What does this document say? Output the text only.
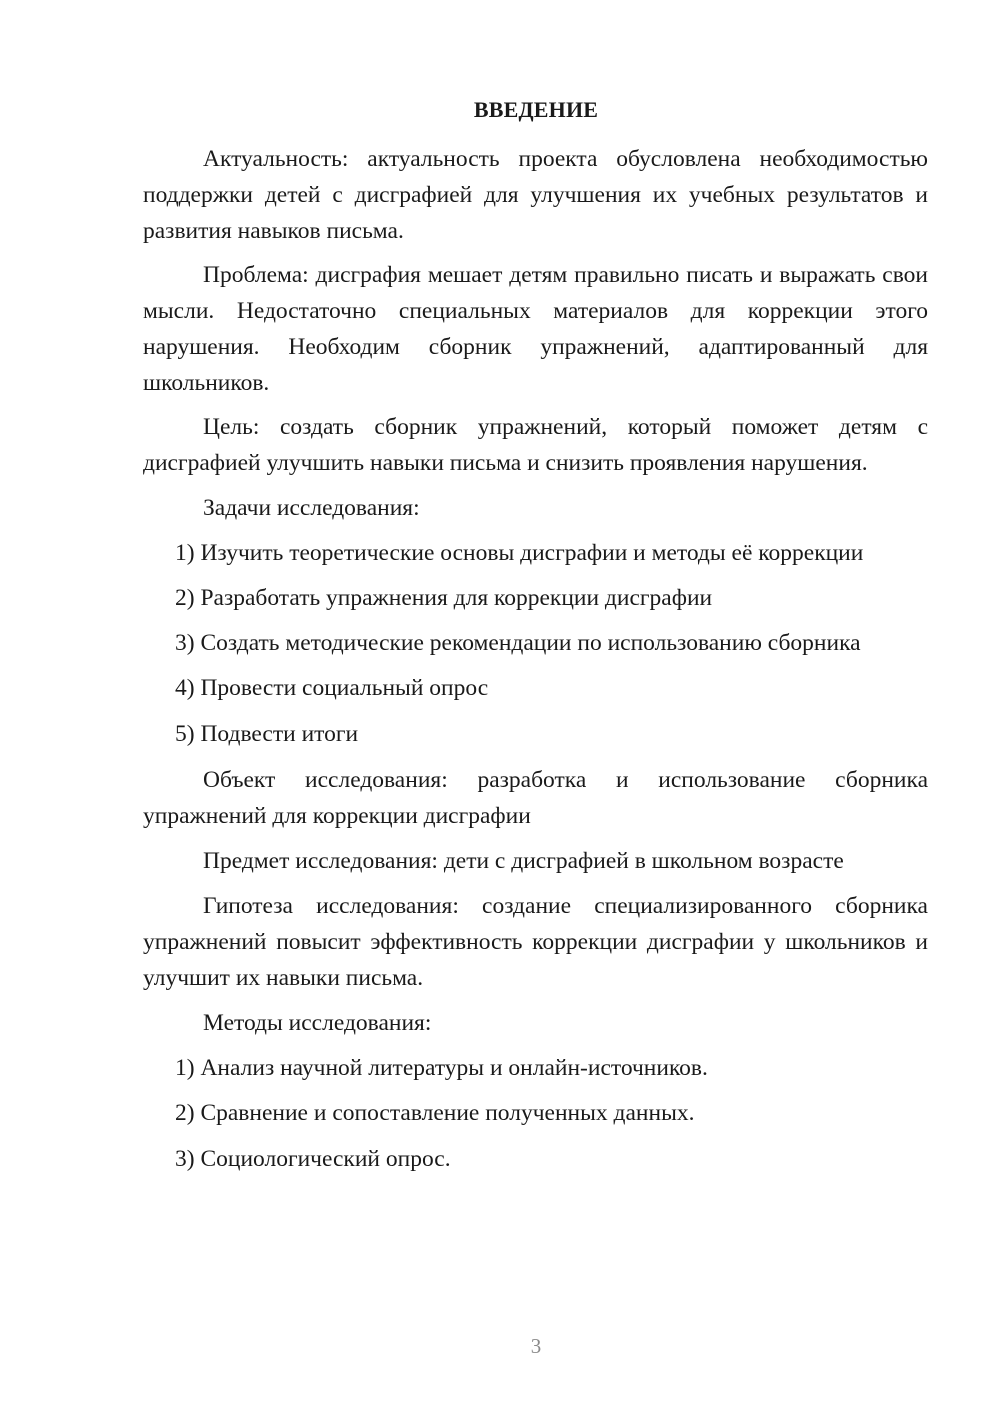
ВВЕДЕНИЕ

Актуальность: актуальность проекта обусловлена необходимостью поддержки детей с дисграфией для улучшения их учебных результатов и развития навыков письма.

Проблема: дисграфия мешает детям правильно писать и выражать свои мысли. Недостаточно специальных материалов для коррекции этого нарушения. Необходим сборник упражнений, адаптированный для школьников.

Цель: создать сборник упражнений, который поможет детям с дисграфией улучшить навыки письма и снизить проявления нарушения.

Задачи исследования:
1) Изучить теоретические основы дисграфии и методы её коррекции
2) Разработать упражнения для коррекции дисграфии
3) Создать методические рекомендации по использованию сборника
4) Провести социальный опрос
5) Подвести итоги

Объект исследования: разработка и использование сборника упражнений для коррекции дисграфии

Предмет исследования: дети с дисграфией в школьном возрасте

Гипотеза исследования: создание специализированного сборника упражнений повысит эффективность коррекции дисграфии у школьников и улучшит их навыки письма.

Методы исследования:
1) Анализ научной литературы и онлайн-источников.
2) Сравнение и сопоставление полученных данных.
3) Социологический опрос.
3
